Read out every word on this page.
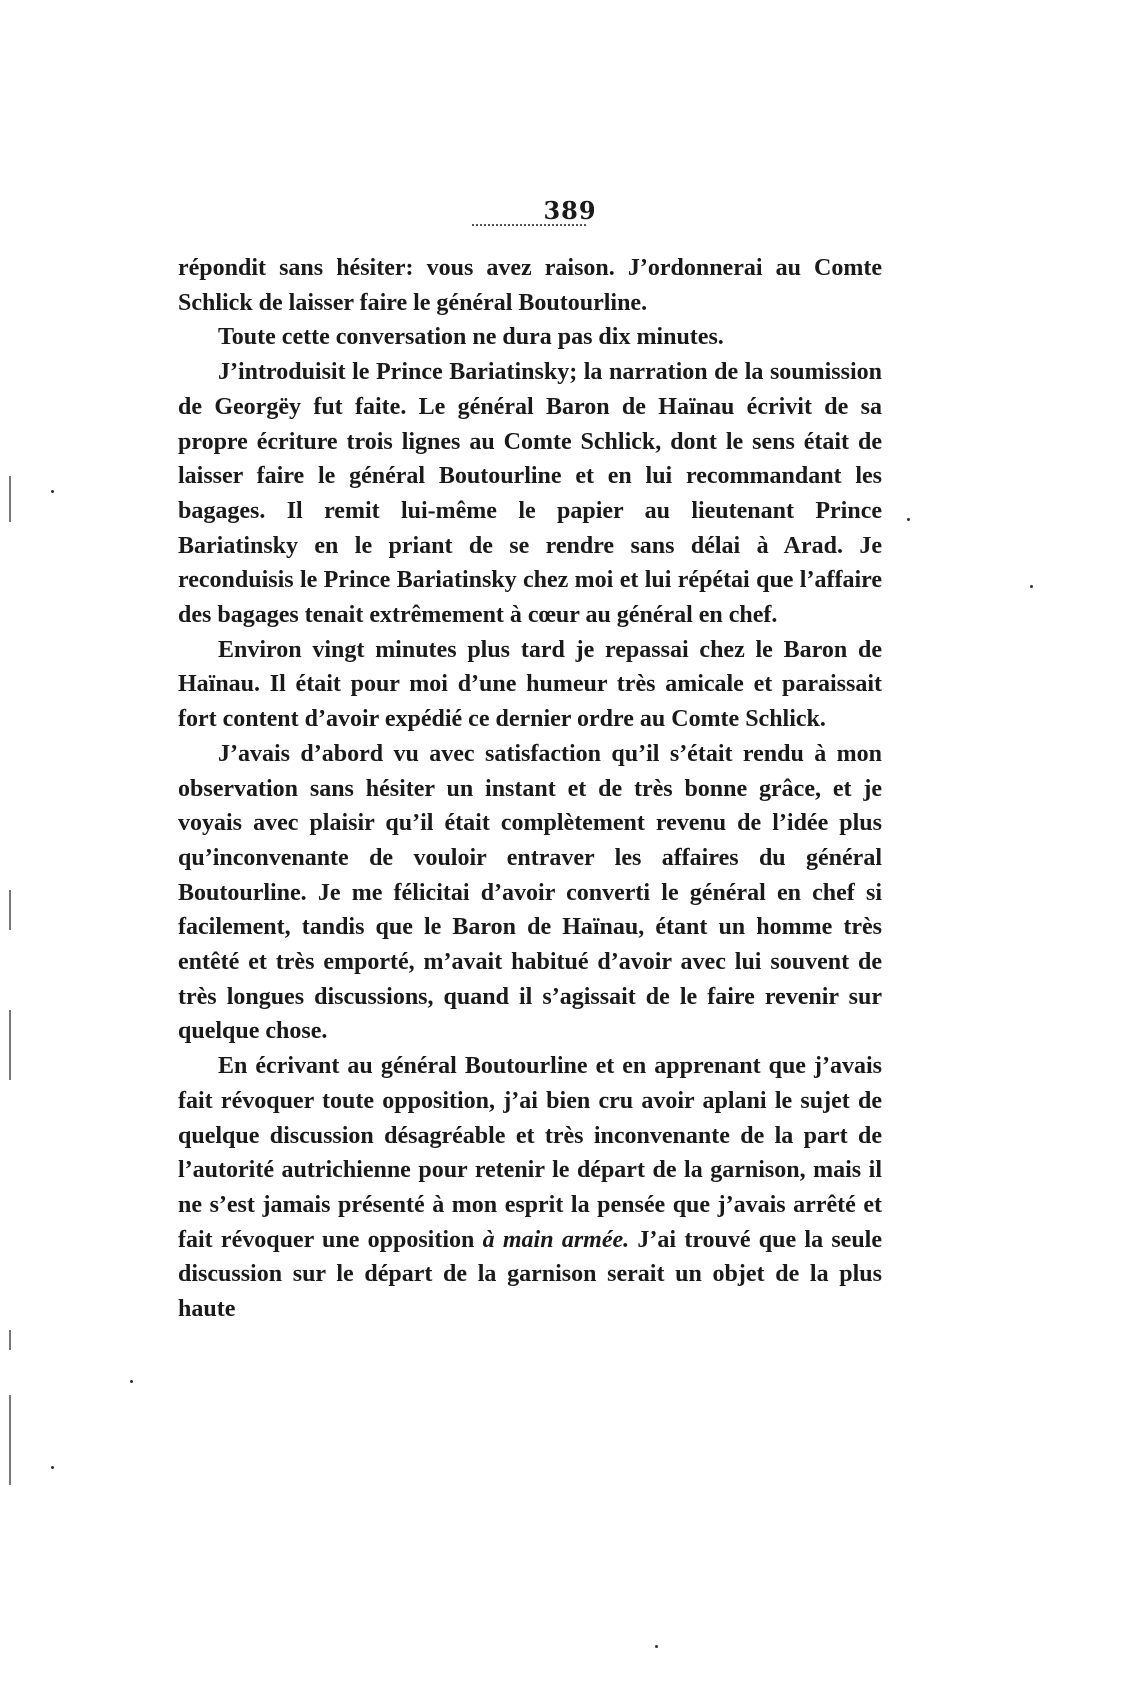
389

répondit sans hésiter: vous avez raison. J’ordonnerai au Comte Schlick de laisser faire le général Boutourline.

Toute cette conversation ne dura pas dix minutes.

J’introduisit le Prince Bariatinsky; la narration de la soumission de Georgëy fut faite. Le général Baron de Haïnau écrivit de sa propre écriture trois lignes au Comte Schlick, dont le sens était de laisser faire le général Boutourline et en lui recommandant les bagages. Il remit lui-même le papier au lieutenant Prince Bariatinsky en le priant de se rendre sans délai à Arad. Je reconduisis le Prince Bariatinsky chez moi et lui répétai que l’affaire des bagages tenait extrêmement à cœur au général en chef.

Environ vingt minutes plus tard je repassai chez le Baron de Haïnau. Il était pour moi d’une humeur très amicale et paraissait fort content d’avoir expédié ce dernier ordre au Comte Schlick.

J’avais d’abord vu avec satisfaction qu’il s’était rendu à mon observation sans hésiter un instant et de très bonne grâce, et je voyais avec plaisir qu’il était complètement revenu de l’idée plus qu’inconvenante de vouloir entraver les affaires du général Boutourline. Je me félicitai d’avoir converti le général en chef si facilement, tandis que le Baron de Haïnau, étant un homme très entêté et très emporté, m’avait habitué d’avoir avec lui souvent de très longues discussions, quand il s’agissait de le faire revenir sur quelque chose.

En écrivant au général Boutourline et en apprenant que j’avais fait révoquer toute opposition, j’ai bien cru avoir aplani le sujet de quelque discussion désagréable et très inconvenante de la part de l’autorité autrichienne pour retenir le départ de la garnison, mais il ne s’est jamais présenté à mon esprit la pensée que j’avais arrêté et fait révoquer une opposition à main armée. J’ai trouvé que la seule discussion sur le départ de la garnison serait un objet de la plus haute
